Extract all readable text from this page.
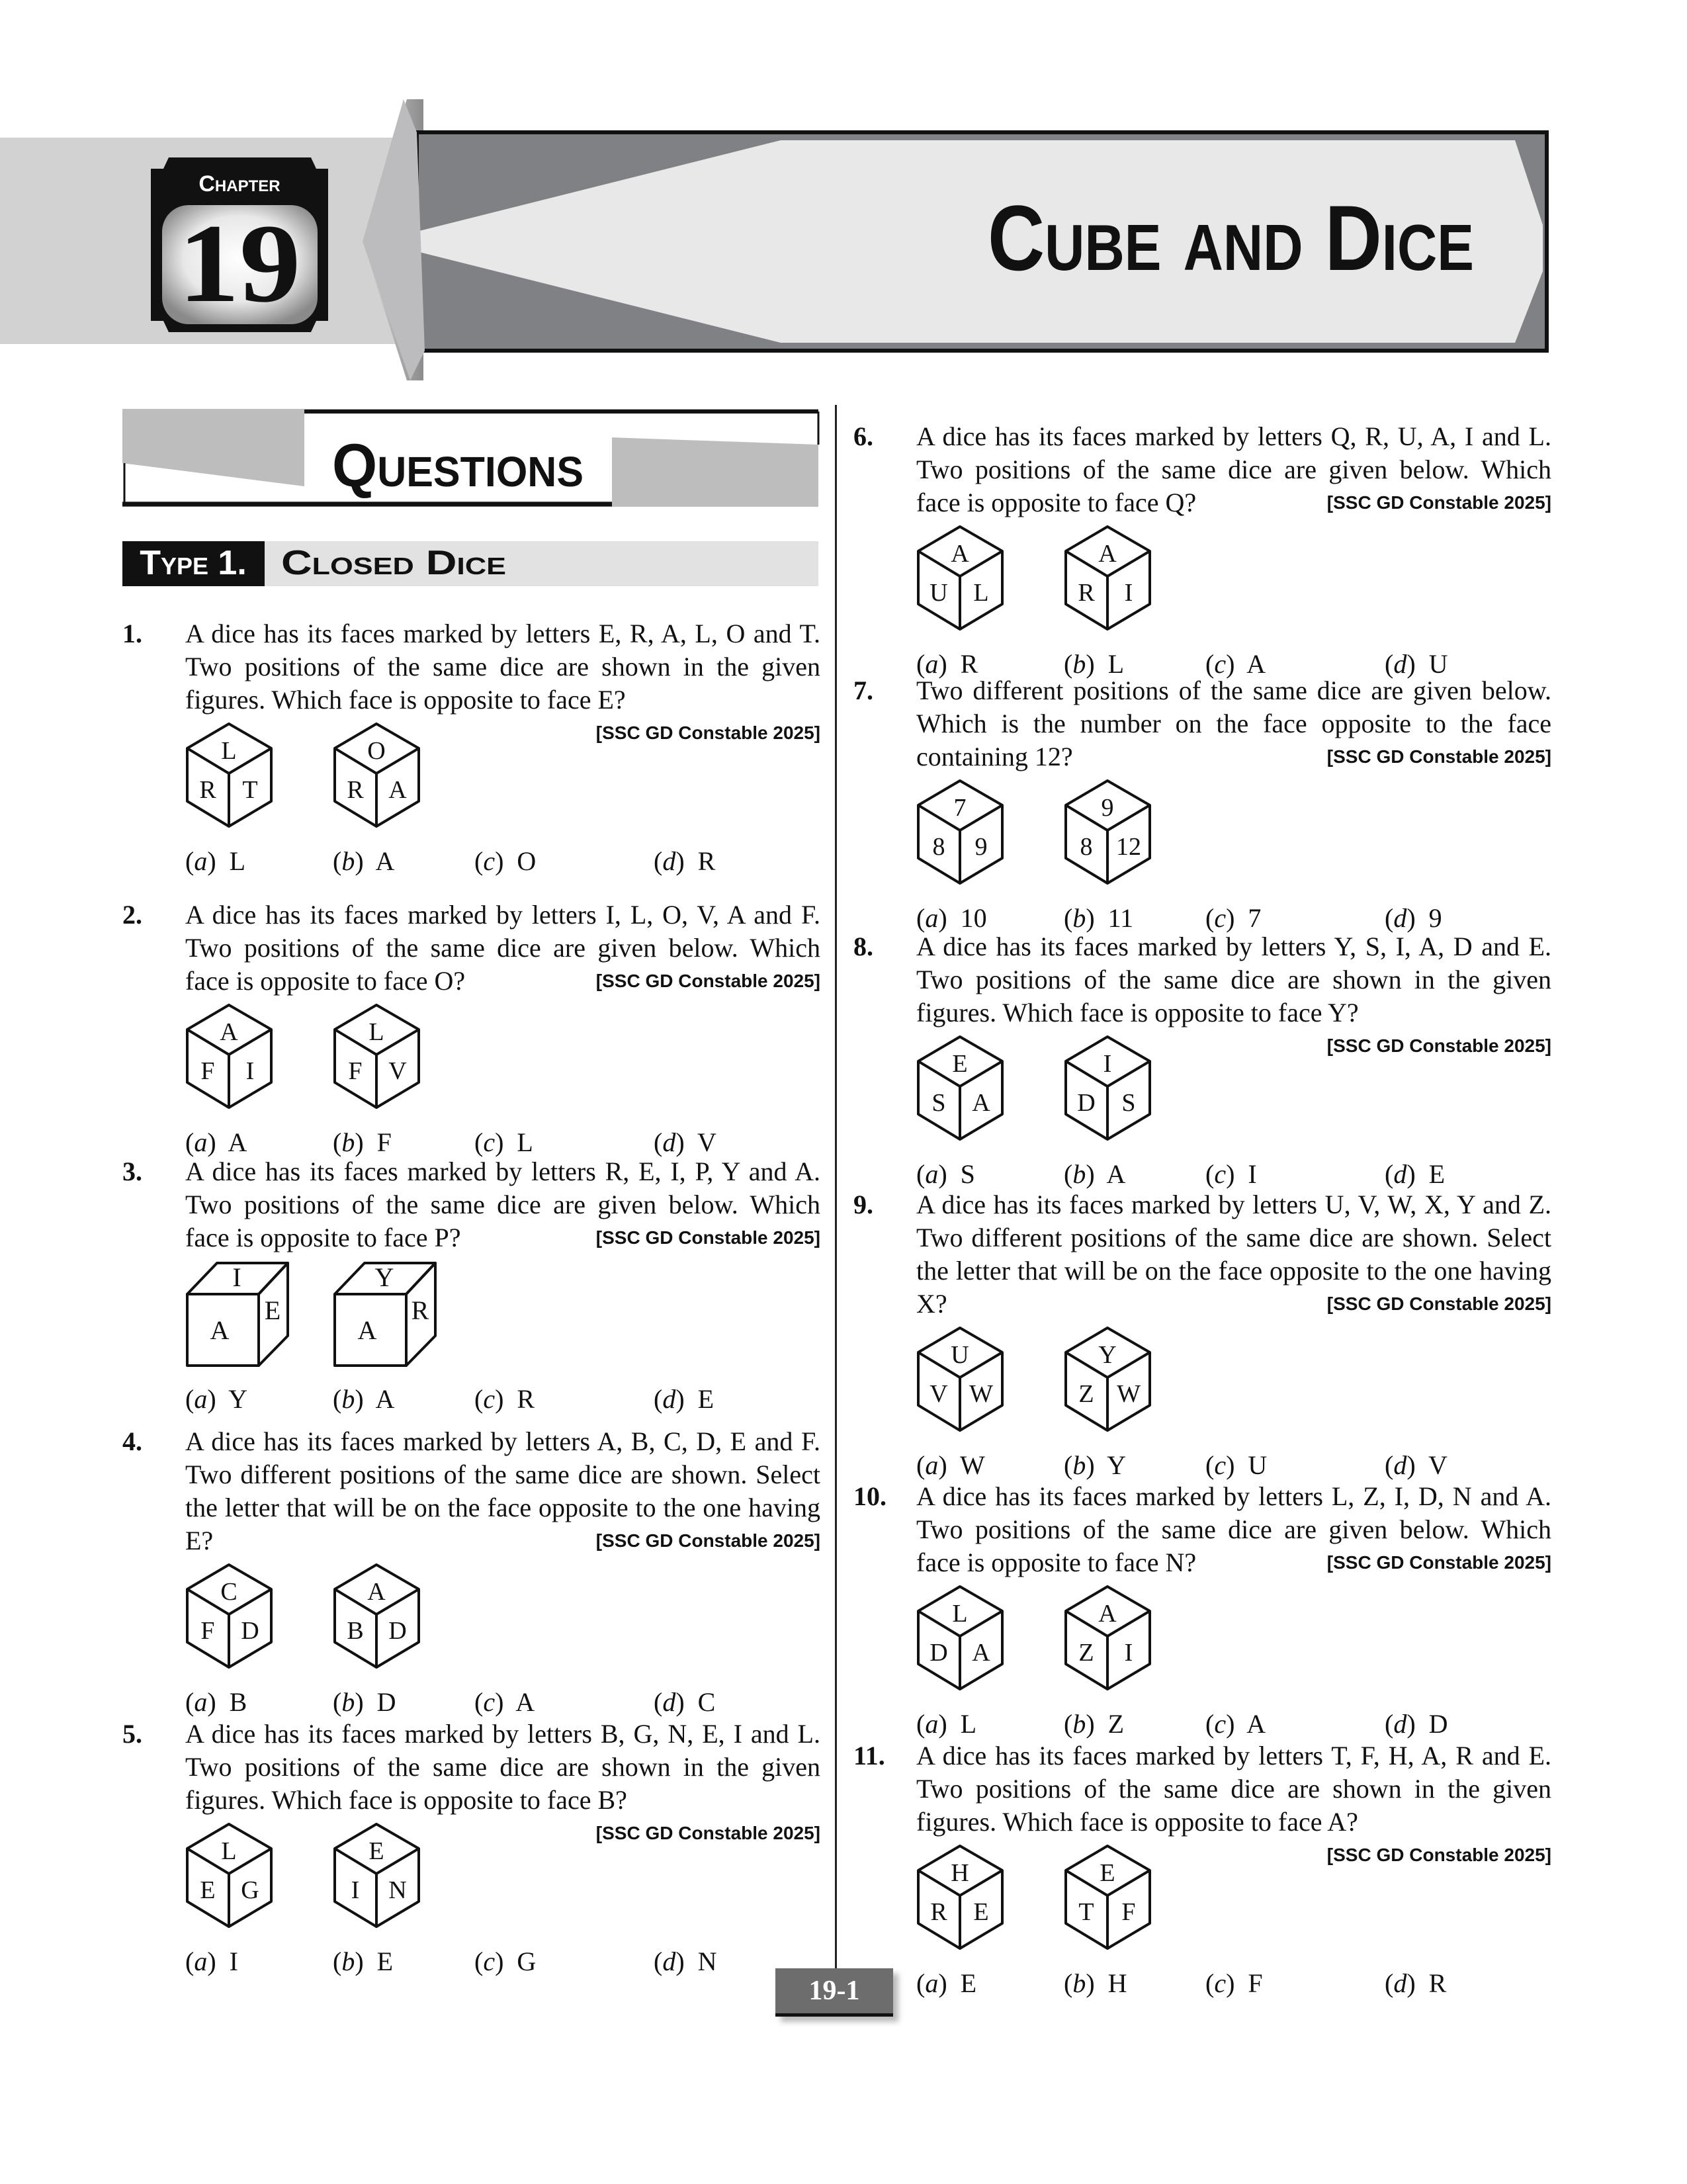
Chapter
19	Cube and Dice
Questions
Type 1. Closed Dice
1. A dice has its faces marked by letters E, R, A, L, O and T. Two positions of the same dice are shown in the given figures. Which face is opposite to face E?
[SSC GD Constable 2025]
L
R T
O
R A
(a)  L	(b)  A	(c)  O	(d)  R
2. A dice has its faces marked by letters I, L, O, V, A and F. Two positions of the same dice are given below. Which face is opposite to face O?	[SSC GD Constable 2025]
A
F I
L
F V
(a)  A	(b)  F	(c)  L	(d)  V
3. A dice has its faces marked by letters R, E, I, P, Y and A. Two positions of the same dice are given below. Which face is opposite to face P?	[SSC GD Constable 2025]
I
A
E
Y
A
R
(a)  Y	(b)  A	(c)  R	(d)  E
4. A dice has its faces marked by letters A, B, C, D, E and F. Two different positions of the same dice are shown. Select the letter that will be on the face opposite to the one having E?	[SSC GD Constable 2025]
C
F D
A
B D
(a)  B	(b)  D	(c)  A	(d)  C
5. A dice has its faces marked by letters B, G, N, E, I and L. Two positions of the same dice are shown in the given figures. Which face is opposite to face B?
[SSC GD Constable 2025]
L
E G
E
I N
(a)  I	(b)  E	(c)  G	(d)  N
6. A dice has its faces marked by letters Q, R, U, A, I and L. Two positions of the same dice are given below. Which face is opposite to face Q?	[SSC GD Constable 2025]
A
U L
A
R I
(a)  R	(b)  L	(c)  A	(d)  U
7. Two different positions of the same dice are given below. Which is the number on the face opposite to the face containing 12?	[SSC GD Constable 2025]
7
8 9
9
8 12
(a)  10	(b)  11	(c)  7	(d)  9
8. A dice has its faces marked by letters Y, S, I, A, D and E. Two positions of the same dice are shown in the given figures. Which face is opposite to face Y?
[SSC GD Constable 2025]
E
S A
I
D S
(a)  S	(b)  A	(c)  I	(d)  E
9. A dice has its faces marked by letters U, V, W, X, Y and Z. Two different positions of the same dice are shown. Select the letter that will be on the face opposite to the one having X?	[SSC GD Constable 2025]
U
V W
Y
Z W
(a)  W	(b)  Y	(c)  U	(d)  V
10. A dice has its faces marked by letters L, Z, I, D, N and A. Two positions of the same dice are given below. Which face is opposite to face N?	[SSC GD Constable 2025]
L
D A
A
Z I
(a)  L	(b)  Z	(c)  A	(d)  D
11. A dice has its faces marked by letters T, F, H, A, R and E. Two positions of the same dice are shown in the given figures. Which face is opposite to face A?
[SSC GD Constable 2025]
H
R E
E
T F
(a)  E	(b)  H	(c)  F	(d)  R
19-1
